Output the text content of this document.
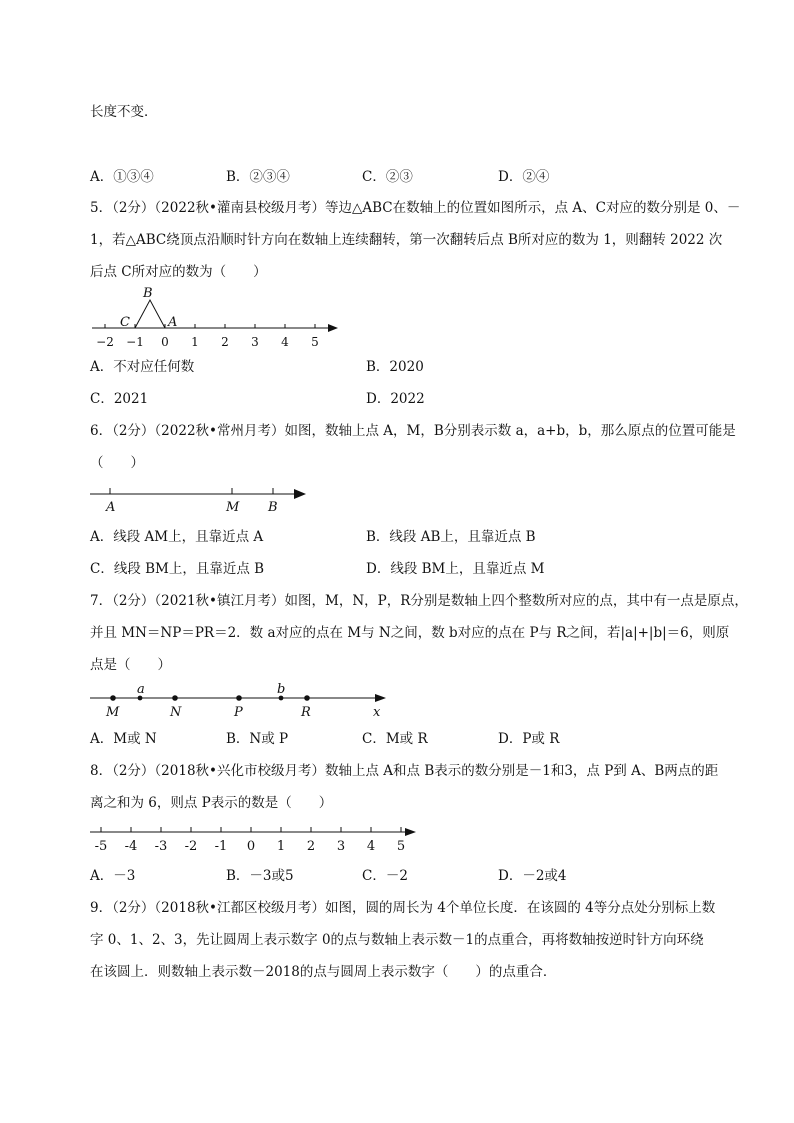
长度不变．
A．①③④	B．②③④	C．②③	D．②④
5．（2分）（2022秋•灌南县校级月考）等边△ABC在数轴上的位置如图所示，点 A、C对应的数分别是 0、－
1，若△ABC绕顶点沿顺时针方向在数轴上连续翻转，第一次翻转后点 B所对应的数为 1，则翻转 2022 次
后点 C所对应的数为（　　）
−2 −1 0 1 2 3 4 5
B
C	A
A．不对应任何数	B．2020
C．2021	D．2022
6．（2分）（2022秋•常州月考）如图，数轴上点 A，M，B分别表示数 a，a+b，b，那么原点的位置可能是
（　　）
A	M B
A．线段 AM上，且靠近点 A	B．线段 AB上，且靠近点 B
C．线段 BM上，且靠近点 B	D．线段 BM上，且靠近点 M
7．（2分）（2021秋•镇江月考）如图，M，N，P，R分别是数轴上四个整数所对应的点，其中有一点是原点，
并且 MN＝NP＝PR＝2．数 a对应的点在 M与 N之间，数 b对应的点在 P与 R之间，若|a|+|b|＝6，则原
点是（　　）
a	b
M	N	P	R	x
A．M或 N	B．N或 P	C．M或 R	D．P或 R
8．（2分）（2018秋•兴化市校级月考）数轴上点 A和点 B表示的数分别是－1和3，点 P到 A、B两点的距
离之和为 6，则点 P表示的数是（　　）
-5 -4 -3 -2 -1 0 1 2 3 4 5
A．－3	B．－3或5	C．－2	D．－2或4
9．（2分）（2018秋•江都区校级月考）如图，圆的周长为 4个单位长度．在该圆的 4等分点处分别标上数
字 0、1、2、3，先让圆周上表示数字 0的点与数轴上表示数－1的点重合，再将数轴按逆时针方向环绕
在该圆上．则数轴上表示数－2018的点与圆周上表示数字（　　）的点重合．
